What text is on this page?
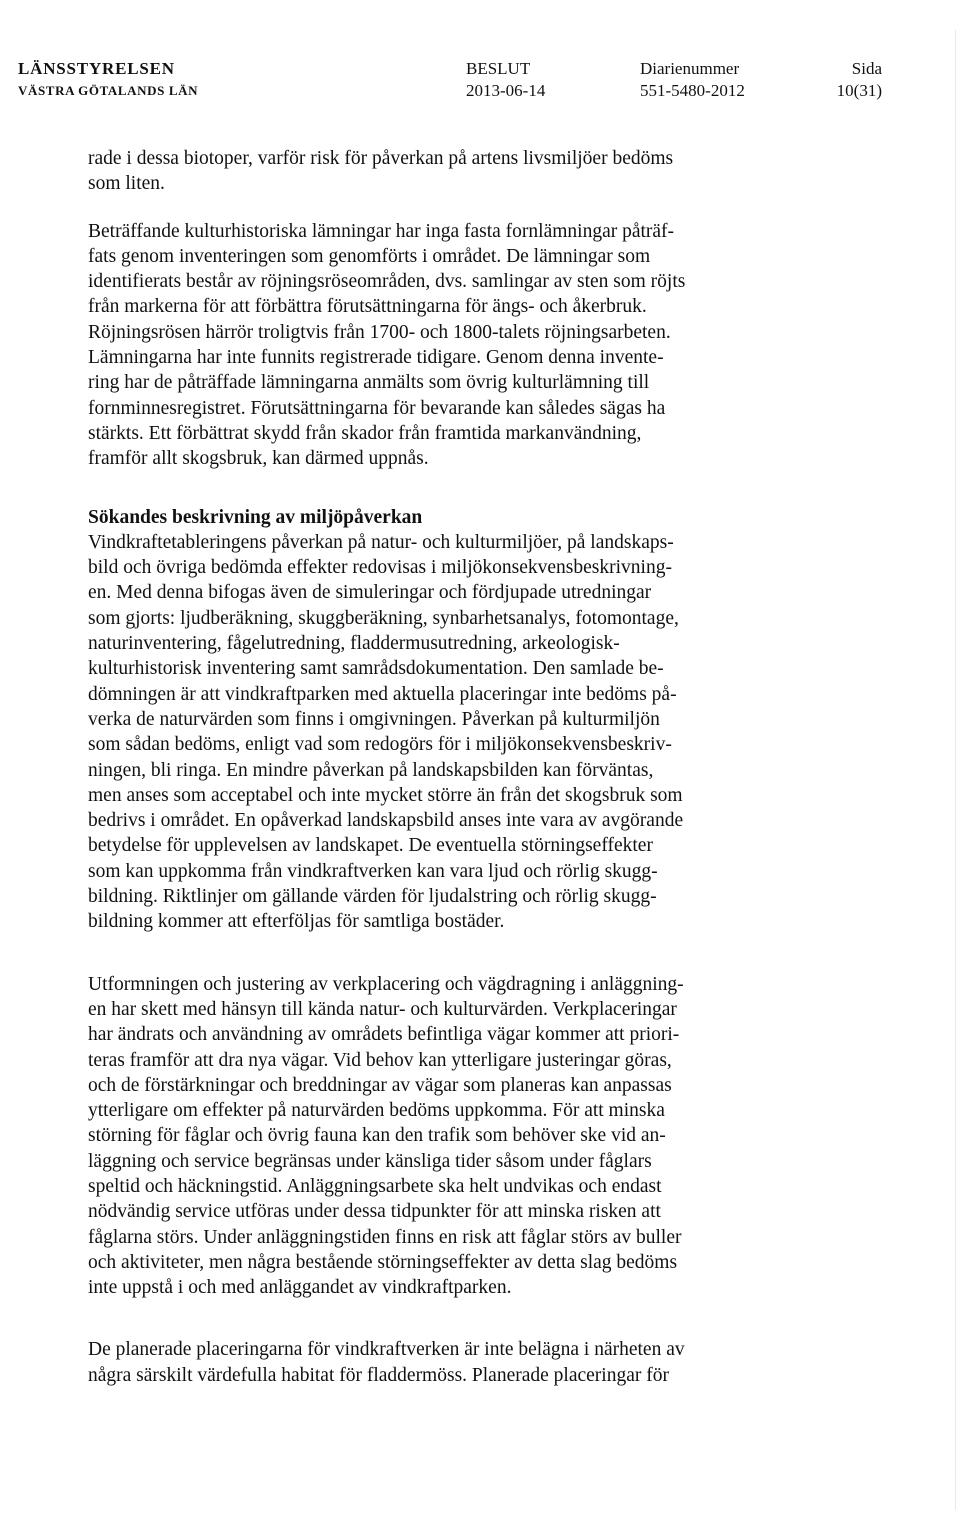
LÄNSSTYRELSEN
VÄSTRA GÖTALANDS LÄN
BESLUT
2013-06-14
Diarienummer
551-5480-2012
Sida
10(31)

rade i dessa biotoper, varför risk för påverkan på artens livsmiljöer bedöms
som liten.

Beträffande kulturhistoriska lämningar har inga fasta fornlämningar påträf-
fats genom inventeringen som genomförts i området. De lämningar som
identifierats består av röjningsröseområden, dvs. samlingar av sten som röjts
från markerna för att förbättra förutsättningarna för ängs- och åkerbruk.
Röjningsrösen härrör troligtvis från 1700- och 1800-talets röjningsarbeten.
Lämningarna har inte funnits registrerade tidigare. Genom denna invente-
ring har de påträffade lämningarna anmälts som övrig kulturlämning till
fornminnesregistret. Förutsättningarna för bevarande kan således sägas ha
stärkts. Ett förbättrat skydd från skador från framtida markanvändning,
framför allt skogsbruk, kan därmed uppnås.

Sökandes beskrivning av miljöpåverkan

Vindkraftetableringens påverkan på natur- och kulturmiljöer, på landskaps-
bild och övriga bedömda effekter redovisas i miljökonsekvensbeskrivning-
en. Med denna bifogas även de simuleringar och fördjupade utredningar
som gjorts: ljudberäkning, skuggberäkning, synbarhetsanalys, fotomontage,
naturinventering, fågelutredning, fladdermusutredning, arkeologisk-
kulturhistorisk inventering samt samrådsdokumentation. Den samlade be-
dömningen är att vindkraftparken med aktuella placeringar inte bedöms på-
verka de naturvärden som finns i omgivningen. Påverkan på kulturmiljön
som sådan bedöms, enligt vad som redogörs för i miljökonsekvensbeskriv-
ningen, bli ringa. En mindre påverkan på landskapsbilden kan förväntas,
men anses som acceptabel och inte mycket större än från det skogsbruk som
bedrivs i området. En opåverkad landskapsbild anses inte vara av avgörande
betydelse för upplevelsen av landskapet. De eventuella störningseffekter
som kan uppkomma från vindkraftverken kan vara ljud och rörlig skugg-
bildning. Riktlinjer om gällande värden för ljudalstring och rörlig skugg-
bildning kommer att efterföljas för samtliga bostäder.

Utformningen och justering av verkplacering och vägdragning i anläggning-
en har skett med hänsyn till kända natur- och kulturvärden. Verkplaceringar
har ändrats och användning av områdets befintliga vägar kommer att priori-
teras framför att dra nya vägar. Vid behov kan ytterligare justeringar göras,
och de förstärkningar och breddningar av vägar som planeras kan anpassas
ytterligare om effekter på naturvärden bedöms uppkomma. För att minska
störning för fåglar och övrig fauna kan den trafik som behöver ske vid an-
läggning och service begränsas under känsliga tider såsom under fåglars
speltid och häckningstid. Anläggningsarbete ska helt undvikas och endast
nödvändig service utföras under dessa tidpunkter för att minska risken att
fåglarna störs. Under anläggningstiden finns en risk att fåglar störs av buller
och aktiviteter, men några bestående störningseffekter av detta slag bedöms
inte uppstå i och med anläggandet av vindkraftparken.

De planerade placeringarna för vindkraftverken är inte belägna i närheten av
några särskilt värdefulla habitat för fladdermöss. Planerade placeringar för
